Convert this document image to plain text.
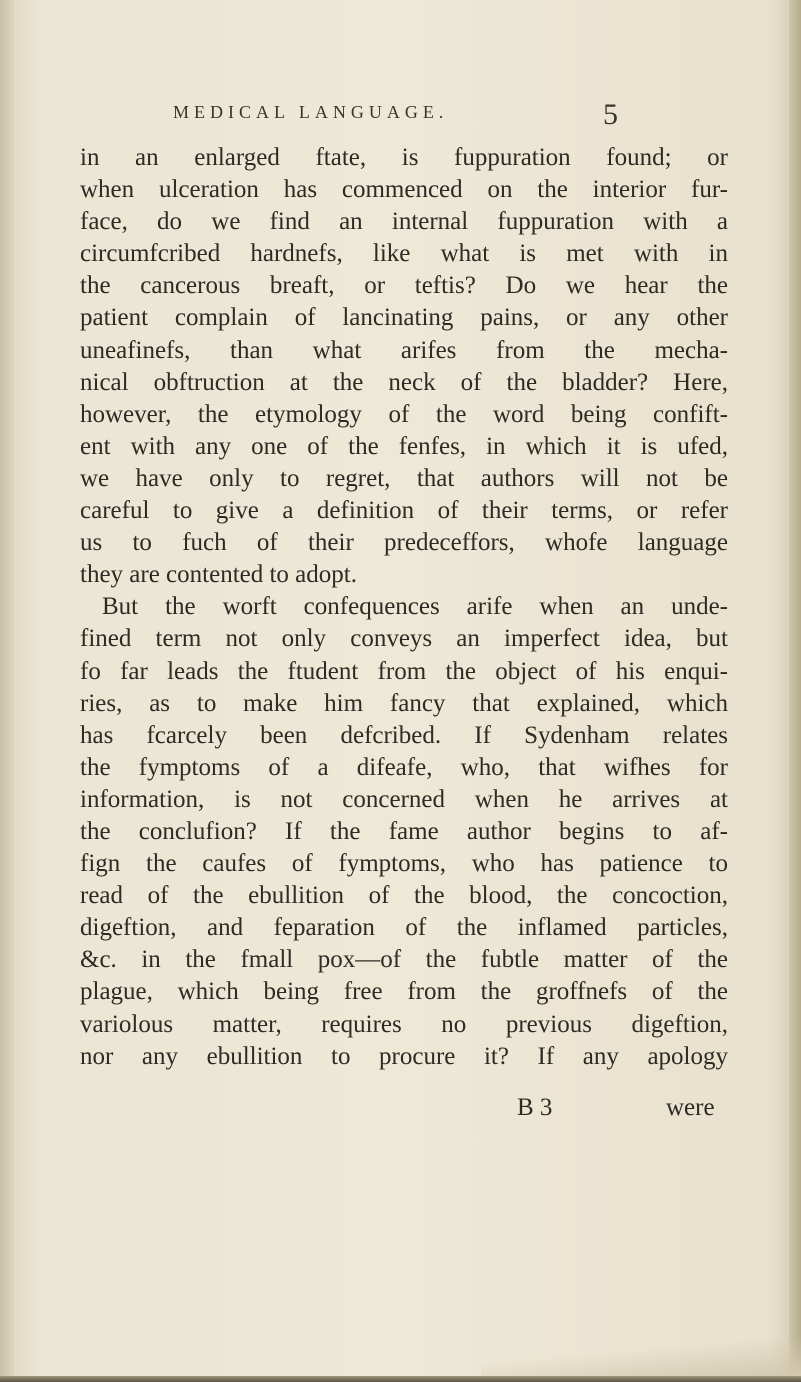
MEDICAL LANGUAGE.	5
in an enlarged ftate, is fuppuration found; or
when ulceration has commenced on the interior fur-
face, do we find an internal fuppuration with a
circumfcribed hardnefs, like what is met with in
the cancerous breaft, or teftis? Do we hear the
patient complain of lancinating pains, or any other
uneafinefs, than what arifes from the mecha-
nical obftruction at the neck of the bladder? Here,
however, the etymology of the word being confift-
ent with any one of the fenfes, in which it is ufed,
we have only to regret, that authors will not be
careful to give a definition of their terms, or refer
us to fuch of their predeceffors, whofe language
they are contented to adopt.
But the worft confequences arife when an unde-
fined term not only conveys an imperfect idea, but
fo far leads the ftudent from the object of his enqui-
ries, as to make him fancy that explained, which
has fcarcely been defcribed. If Sydenham relates
the fymptoms of a difeafe, who, that wifhes for
information, is not concerned when he arrives at
the conclufion? If the fame author begins to af-
fign the caufes of fymptoms, who has patience to
read of the ebullition of the blood, the concoction,
digeftion, and feparation of the inflamed particles,
&c. in the fmall pox—of the fubtle matter of the
plague, which being free from the groffnefs of the
variolous matter, requires no previous digeftion,
nor any ebullition to procure it? If any apology
B 3	were
